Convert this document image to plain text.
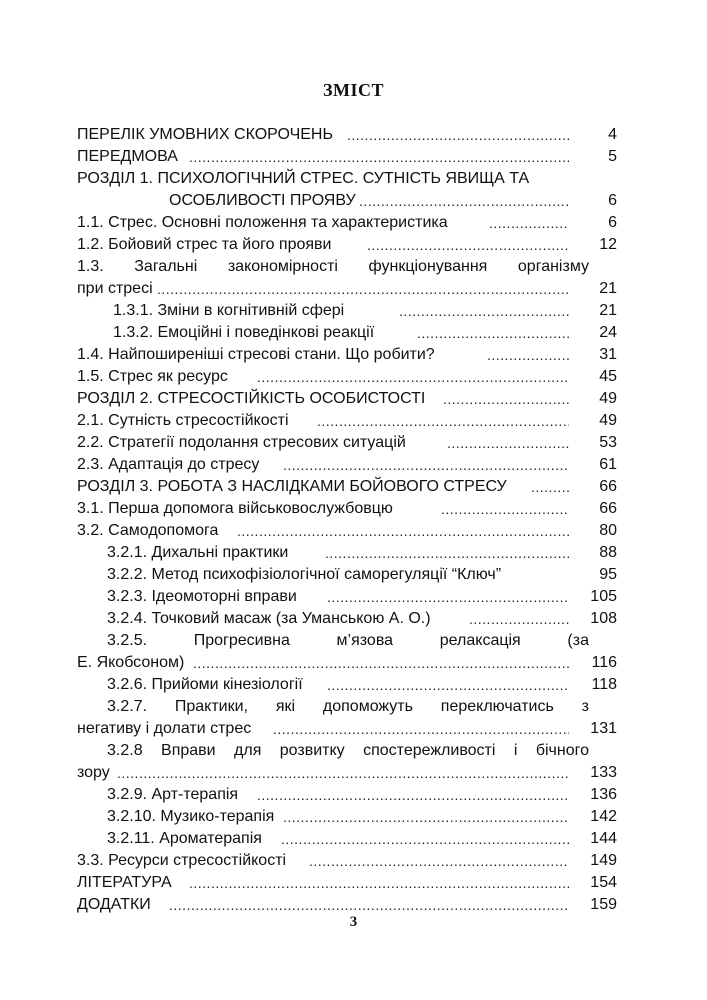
ЗМІСТ
ПЕРЕЛІК УМОВНИХ СКОРОЧЕНЬ .....	4
ПЕРЕДМОВА .....	5
РОЗДІЛ 1. ПСИХОЛОГІЧНИЙ СТРЕС. СУТНІСТЬ ЯВИЩА ТА
ОСОБЛИВОСТІ ПРОЯВУ .....	6
1.1. Стрес. Основні положення та характеристика .....	6
1.2. Бойовий стрес та його прояви .....	12
1.3. Загальні закономірності функціонування організму
при стресі .....	21
1.3.1. Зміни в когнітивній сфері .....	21
1.3.2. Емоційні і поведінкові реакції .....	24
1.4. Найпоширеніші стресові стани. Що робити? .....	31
1.5. Стрес як ресурс .....	45
РОЗДІЛ 2. СТРЕСОСТІЙКІСТЬ ОСОБИСТОСТІ .....	49
2.1. Сутність стресостійкості .....	49
2.2. Стратегії подолання стресових ситуацій .....	53
2.3. Адаптація до стресу .....	61
РОЗДІЛ 3. РОБОТА З НАСЛІДКАМИ БОЙОВОГО СТРЕСУ .....	66
3.1. Перша допомога військовослужбовцю .....	66
3.2. Самодопомога .....	80
3.2.1. Дихальні практики .....	88
3.2.2. Метод психофізіологічної саморегуляції “Ключ”	95
3.2.3. Ідеомоторні вправи .....	105
3.2.4. Точковий масаж (за Уманською А. О.) .....	108
3.2.5. Прогресивна м’язова релаксація (за
Е. Якобсоном) .....	116
3.2.6. Прийоми кінезіології .....	118
3.2.7. Практики, які допоможуть переключатись з
негативу і долати стрес .....	131
3.2.8 Вправи для розвитку спостережливості і бічного
зору .....	133
3.2.9. Арт-терапія .....	136
3.2.10. Музико-терапія .....	142
3.2.11. Ароматерапія .....	144
3.3. Ресурси стресостійкості .....	149
ЛІТЕРАТУРА .....	154
ДОДАТКИ .....	159
3
